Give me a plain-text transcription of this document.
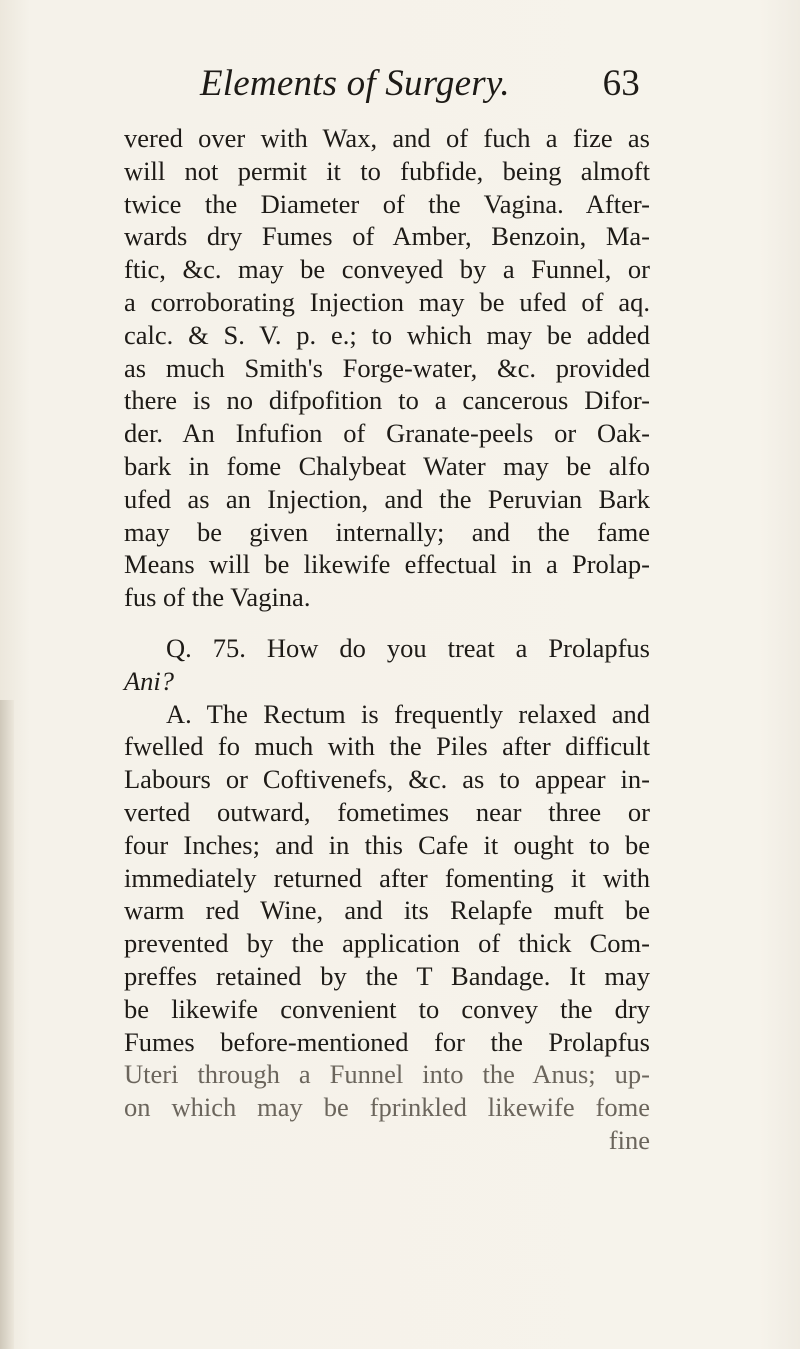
Elements of Surgery.	63
vered over with Wax, and of fuch a fize as
will not permit it to fubfide, being almoft
twice the Diameter of the Vagina. After-
wards dry Fumes of Amber, Benzoin, Ma-
ftic, &c. may be conveyed by a Funnel, or
a corroborating Injection may be ufed of aq.
calc. & S. V. p. e.; to which may be added
as much Smith's Forge-water, &c. provided
there is no difpofition to a cancerous Difor-
der. An Infufion of Granate-peels or Oak-
bark in fome Chalybeat Water may be alfo
ufed as an Injection, and the Peruvian Bark
may be given internally; and the fame
Means will be likewife effectual in a Prolap-
fus of the Vagina.
Q. 75. How do you treat a Prolapfus
Ani?
A. The Rectum is frequently relaxed and
fwelled fo much with the Piles after difficult
Labours or Coftivenefs, &c. as to appear in-
verted outward, fometimes near three or
four Inches; and in this Cafe it ought to be
immediately returned after fomenting it with
warm red Wine, and its Relapfe muft be
prevented by the application of thick Com-
preffes retained by the T Bandage. It may
be likewife convenient to convey the dry
Fumes before-mentioned for the Prolapfus
Uteri through a Funnel into the Anus; up-
on which may be fprinkled likewife fome
fine
